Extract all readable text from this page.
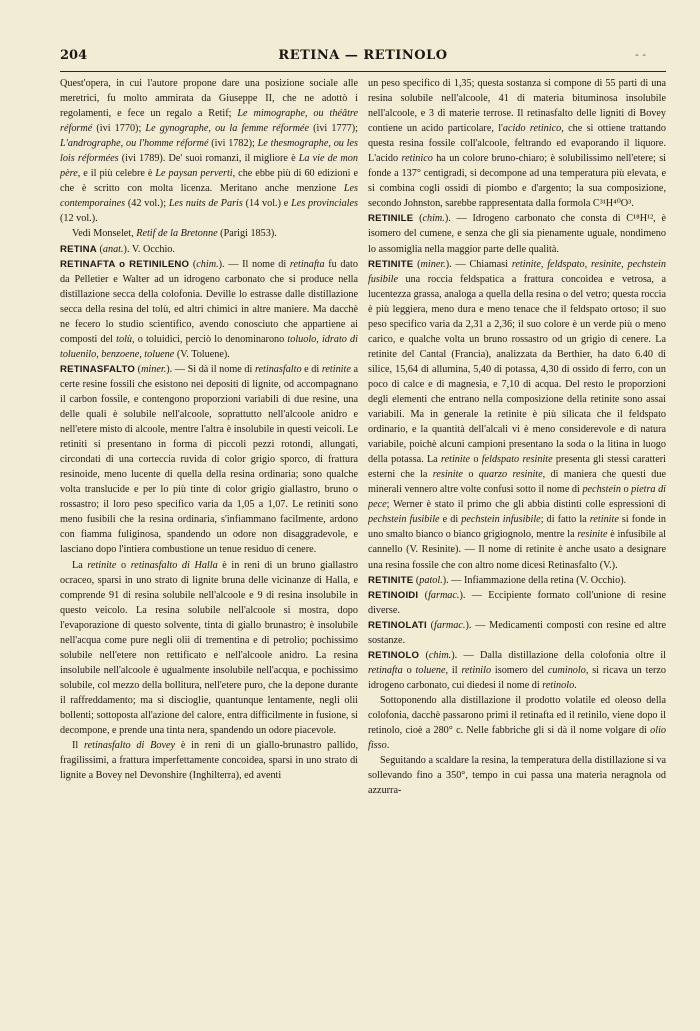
204	RETINA — RETINOLO	- -

Quest'opera, in cui l'autore propone dare una posizione sociale alle meretrici, fu molto ammirata da Giuseppe II, che ne adottò i regolamenti, e fece un regalo a Retif; Le mimographe, ou théâtre réformé (ivi 1770); Le gynographe, ou la femme réformée (ivi 1777); L'andrographe, ou l'homme réformé (ivi 1782); Le thesmographe, ou les lois réformées (ivi 1789). De' suoi romanzi, il migliore è La vie de mon père, e il più celebre è Le paysan perverti, che ebbe più di 60 edizioni e che è scritto con molta licenza. Meritano anche menzione Les contemporaines (42 vol.); Les nuits de Paris (14 vol.) e Les provinciales (12 vol.).

Vedi Monselet, Retif de la Bretonne (Parigi 1853).

RETINA (anat.). V. Occhio.

RETINAFTA o RETINILENO (chim.). — Il nome di retinafta fu dato da Pelletier e Walter ad un idrogeno carbonato che si produce nella distillazione secca della colofonia. Deville lo estrasse dalle distillazione secca della resina del tolù, ed altri chimici in altre maniere. Ma dacchè ne fecero lo studio scientifico, avendo conosciuto che appartiene ai composti del tolù, o toluidici, perciò lo denominarono toluolo, idrato di toluenilo, benzoene, toluene (V. Toluene).

RETINASFALTO (miner.). — Si dà il nome di retinasfalto e di retinite a certe resine fossili che esistono nei depositi di lignite, od accompagnano il carbon fossile, e contengono proporzioni variabili di due resine, una delle quali è solubile nell'alcoole, soprattutto nell'alcoole anidro e nell'etere misto di alcoole, mentre l'altra è insolubile in questi veicoli. Le retiniti si presentano in forma di piccoli pezzi rotondi, allungati, circondati di una corteccia ruvida di color grigio sporco, di frattura resinoide, meno lucente di quella della resina ordinaria; sono qualche volta translucide e per lo più tinte di color grigio giallastro, bruno o rossastro; il loro peso specifico varia da 1,05 a 1,07. Le retiniti sono meno fusibili che la resina ordinaria, s'infiammano facilmente, ardono con fiamma fuliginosa, spandendo un odore non disaggradevole, e lasciano dopo l'intiera combustione un tenue residuo di cenere.

La retinite o retinasfalto di Halla è in reni di un bruno giallastro ocraceo, sparsi in uno strato di lignite bruna delle vicinanze di Halla, e comprende 91 di resina solubile nell'alcoole e 9 di resina insolubile in questo veicolo. La resina solubile nell'alcoole si mostra, dopo l'evaporazione di questo solvente, tinta di giallo brunastro; è insolubile nell'acqua come pure negli olii di trementina e di petrolio; pochissimo solubile nell'etere non rettificato e nell'alcoole anidro. La resina insolubile nell'alcoole è ugualmente insolubile nell'acqua, e pochissimo solubile, col mezzo della bollitura, nell'etere puro, che la depone durante il raffreddamento; ma si discioglie, quantunque lentamente, negli olii bollenti; sottoposta all'azione del calore, entra difficilmente in fusione, si decompone, e prende una tinta nera, spandendo un odore piacevole.

Il retinasfalto di Bovey è in reni di un giallo-brunastro pallido, fragilissimi, a frattura imperfettamente concoidea, sparsi in uno strato di lignite a Bovey nel Devonshire (Inghilterra), ed aventi

un peso specifico di 1,35; questa sostanza si compone di 55 parti di una resina solubile nell'alcoole, 41 di materia bituminosa insolubile nell'alcoole, e 3 di materie terrose. Il retinasfalto delle ligniti di Bovey contiene un acido particolare, l'acido retinico, che si ottiene trattando questa resina fossile coll'alcoole, feltrando ed evaporando il liquore. L'acido retinico ha un colore bruno-chiaro; è solubilissimo nell'etere; si fonde a 137° centigradi, si decompone ad una temperatura più elevata, e si combina cogli ossidi di piombo e d'argento; la sua composizione, secondo Johnston, sarebbe rappresentata dalla formola C³¹H⁴⁰O³.

RETINILE (chim.). — Idrogeno carbonato che consta di C¹⁸H¹², è isomero del cumene, e senza che gli sia pienamente uguale, nondimeno lo assomiglia nella maggior parte delle qualità.

RETINITE (miner.). — Chiamasi retinite, feldspato, resinite, pechstein fusibile una roccia feldspatica a frattura concoidea e vetrosa, a lucentezza grassa, analoga a quella della resina o del vetro; questa roccia è più leggiera, meno dura e meno tenace che il feldspato ortoso; il suo peso specifico varia da 2,31 a 2,36; il suo colore è un verde più o meno carico, e qualche volta un bruno rossastro od un grigio di cenere. La retinite del Cantal (Francia), analizzata da Berthier, ha dato 6.40 di silice, 15,64 di allumina, 5,40 di potassa, 4,30 di ossido di ferro, con un poco di calce e di magnesia, e 7,10 di acqua. Del resto le proporzioni degli elementi che entrano nella composizione della retinite sono assai variabili. Ma in generale la retinite è più silicata che il feldspato ordinario, e la quantità dell'alcali vi è meno considerevole e di natura variabile, poichè alcuni campioni presentano la soda o la litina in luogo della potassa. La retinite o feldspato resinite presenta gli stessi caratteri esterni che la resinite o quarzo resinite, di maniera che questi due minerali vennero altre volte confusi sotto il nome di pechstein o pietra di pece; Werner è stato il primo che gli abbia distinti colle espressioni di pechstein fusibile e di pechstein infusibile; di fatto la retinite si fonde in uno smalto bianco o bianco grigiognolo, mentre la resinite è infusibile al cannello (V. Resinite). — Il nome di retinite è anche usato a designare una resina fossile che con altro nome dicesi Retinasfalto (V.).

RETINITE (patol.). — Infiammazione della retina (V. Occhio).

RETINOIDI (farmac.). — Eccipiente formato coll'unione di resine diverse.

RETINOLATI (farmac.). — Medicamenti composti con resine ed altre sostanze.

RETINOLO (chim.). — Dalla distillazione della colofonia oltre il retinafta o toluene, il retinilo isomero del cuminolo, si ricava un terzo idrogeno carbonato, cui diedesi il nome di retinolo.

Sottoponendo alla distillazione il prodotto volatile ed oleoso della colofonia, dacchè passarono primi il retinafta ed il retinilo, viene dopo il retinolo, cioè a 280° c. Nelle fabbriche gli si dà il nome volgare di olio fisso.

Seguitando a scaldare la resina, la temperatura della distillazione si va sollevando fino a 350°, tempo in cui passa una materia neragnola od azzurra-
